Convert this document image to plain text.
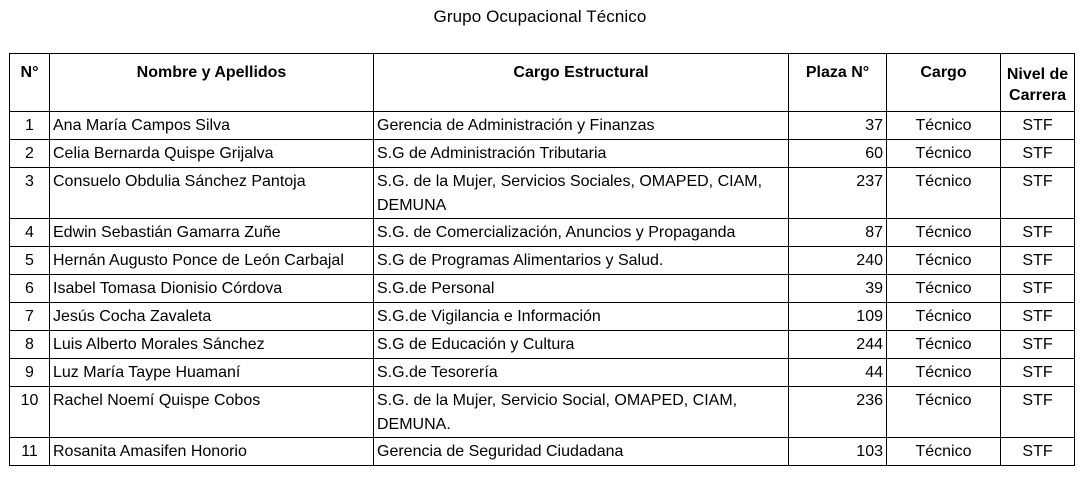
Grupo Ocupacional Técnico
N°	Nombre y Apellidos	Cargo Estructural	Plaza N°	Cargo	Nivel de
Carrera
1	Ana María Campos Silva	Gerencia de Administración y Finanzas	37	Técnico	STF
2	Celia Bernarda Quispe Grijalva	S.G de Administración Tributaria	60	Técnico	STF
3	Consuelo Obdulia Sánchez Pantoja	S.G. de la Mujer, Servicios Sociales, OMAPED, CIAM, DEMUNA	237	Técnico	STF
4	Edwin Sebastián Gamarra Zuñe	S.G. de Comercialización, Anuncios y Propaganda	87	Técnico	STF
5	Hernán Augusto Ponce de León Carbajal	S.G de Programas Alimentarios y Salud.	240	Técnico	STF
6	Isabel Tomasa Dionisio Córdova	S.G.de Personal	39	Técnico	STF
7	Jesús Cocha Zavaleta	S.G.de Vigilancia e Información	109	Técnico	STF
8	Luis Alberto Morales Sánchez	S.G de Educación y Cultura	244	Técnico	STF
9	Luz María Taype Huamaní	S.G.de Tesorería	44	Técnico	STF
10	Rachel Noemí Quispe Cobos	S.G. de la Mujer, Servicio Social, OMAPED, CIAM, DEMUNA.	236	Técnico	STF
11	Rosanita Amasifen Honorio	Gerencia de Seguridad Ciudadana	103	Técnico	STF
